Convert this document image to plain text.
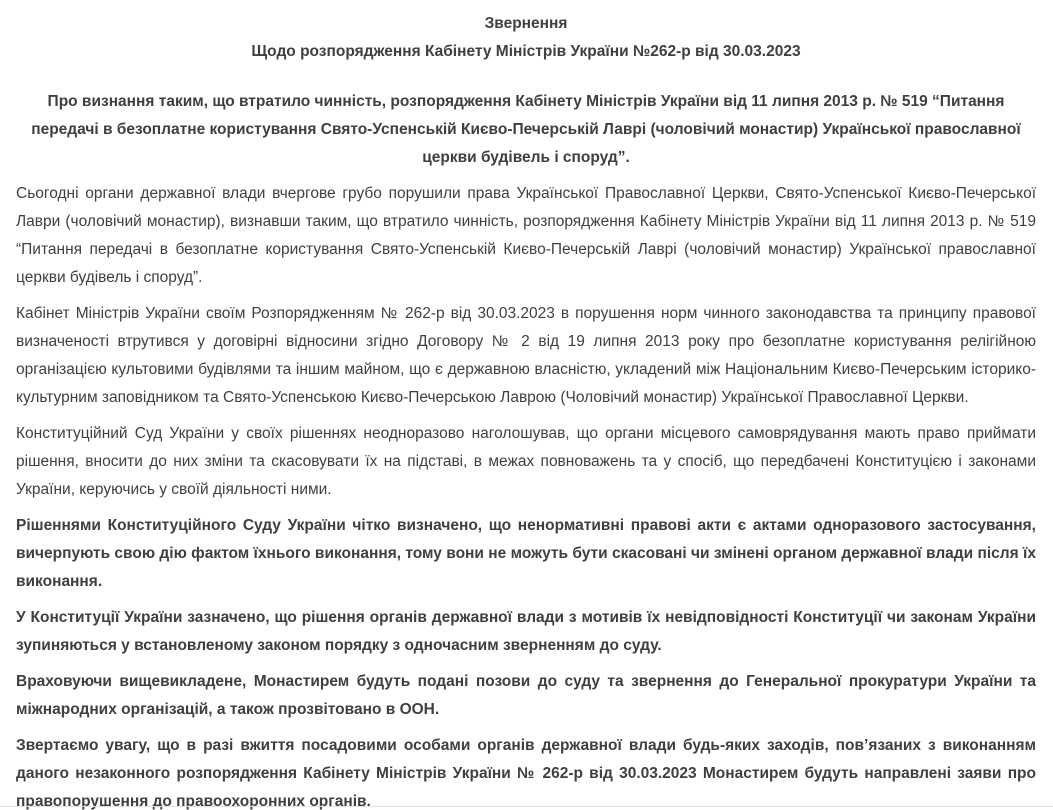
Звернення
Щодо розпорядження Кабінету Міністрів України №262-р від 30.03.2023

Про визнання таким, що втратило чинність, розпорядження Кабінету Міністрів України від 11 липня 2013 р. № 519 “Питання передачі в безоплатне користування Свято-Успенській Києво-Печерській Лаврі (чоловічий монастир) Української православної церкви будівель і споруд”.

Сьогодні органи державної влади вчергове грубо порушили права Української Православної Церкви, Свято-Успенської Києво-Печерської Лаври (чоловічий монастир), визнавши таким, що втратило чинність, розпорядження Кабінету Міністрів України від 11 липня 2013 р. № 519 “Питання передачі в безоплатне користування Свято-Успенській Києво-Печерській Лаврі (чоловічий монастир) Української православної церкви будівель і споруд”.

Кабінет Міністрів України своїм Розпорядженням № 262-р від 30.03.2023 в порушення норм чинного законодавства та принципу правової визначеності втрутився у договірні відносини згідно Договору № 2 від 19 липня 2013 року про безоплатне користування релігійною організацією культовими будівлями та іншим майном, що є державною власністю, укладений між Національним Києво-Печерським історико-культурним заповідником та Свято-Успенською Києво-Печерською Лаврою (Чоловічий монастир) Української Православної Церкви.

Конституційний Суд України у своїх рішеннях неодноразово наголошував, що органи місцевого самоврядування мають право приймати рішення, вносити до них зміни та скасовувати їх на підставі, в межах повноважень та у спосіб, що передбачені Конституцією і законами України, керуючись у своїй діяльності ними.

Рішеннями Конституційного Суду України чітко визначено, що ненормативні правові акти є актами одноразового застосування, вичерпують свою дію фактом їхнього виконання, тому вони не можуть бути скасовані чи змінені органом державної влади після їх виконання.

У Конституції України зазначено, що рішення органів державної влади з мотивів їх невідповідності Конституції чи законам України зупиняються у встановленому законом порядку з одночасним зверненням до суду.

Враховуючи вищевикладене, Монастирем будуть подані позови до суду та звернення до Генеральної прокуратури України та міжнародних організацій, а також прозвітовано в ООН.

Звертаємо увагу, що в разі вжиття посадовими особами органів державної влади будь-яких заходів, пов’язаних з виконанням даного незаконного розпорядження Кабінету Міністрів України № 262-р від 30.03.2023 Монастирем будуть направлені заяви про правопорушення до правоохоронних органів.
